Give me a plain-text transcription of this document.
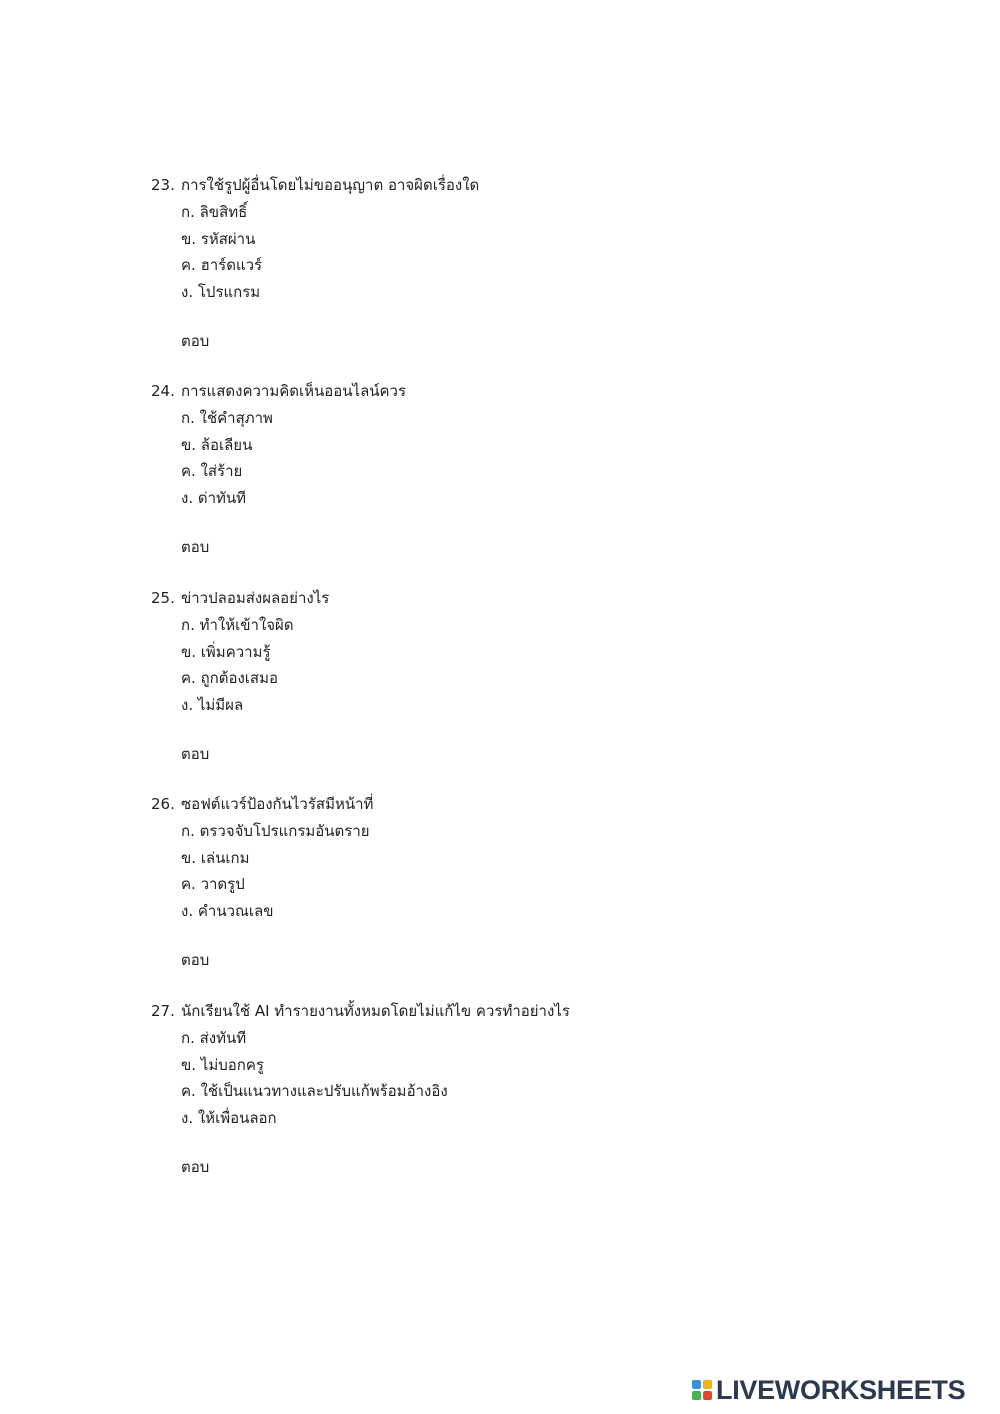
23. การใช้รูปผู้อื่นโดยไม่ขออนุญาต อาจผิดเรื่องใด
ก. ลิขสิทธิ์
ข. รหัสผ่าน
ค. ฮาร์ดแวร์
ง. โปรแกรม
ตอบ
24. การแสดงความคิดเห็นออนไลน์ควร
ก. ใช้คำสุภาพ
ข. ล้อเลียน
ค. ใส่ร้าย
ง. ด่าทันที
ตอบ
25. ข่าวปลอมส่งผลอย่างไร
ก. ทำให้เข้าใจผิด
ข. เพิ่มความรู้
ค. ถูกต้องเสมอ
ง. ไม่มีผล
ตอบ
26. ซอฟต์แวร์ป้องกันไวรัสมีหน้าที่
ก. ตรวจจับโปรแกรมอันตราย
ข. เล่นเกม
ค. วาดรูป
ง. คำนวณเลข
ตอบ
27. นักเรียนใช้ AI ทำรายงานทั้งหมดโดยไม่แก้ไข ควรทำอย่างไร
ก. ส่งทันที
ข. ไม่บอกครู
ค. ใช้เป็นแนวทางและปรับแก้พร้อมอ้างอิง
ง. ให้เพื่อนลอก
ตอบ
LIVEWORKSHEETS
